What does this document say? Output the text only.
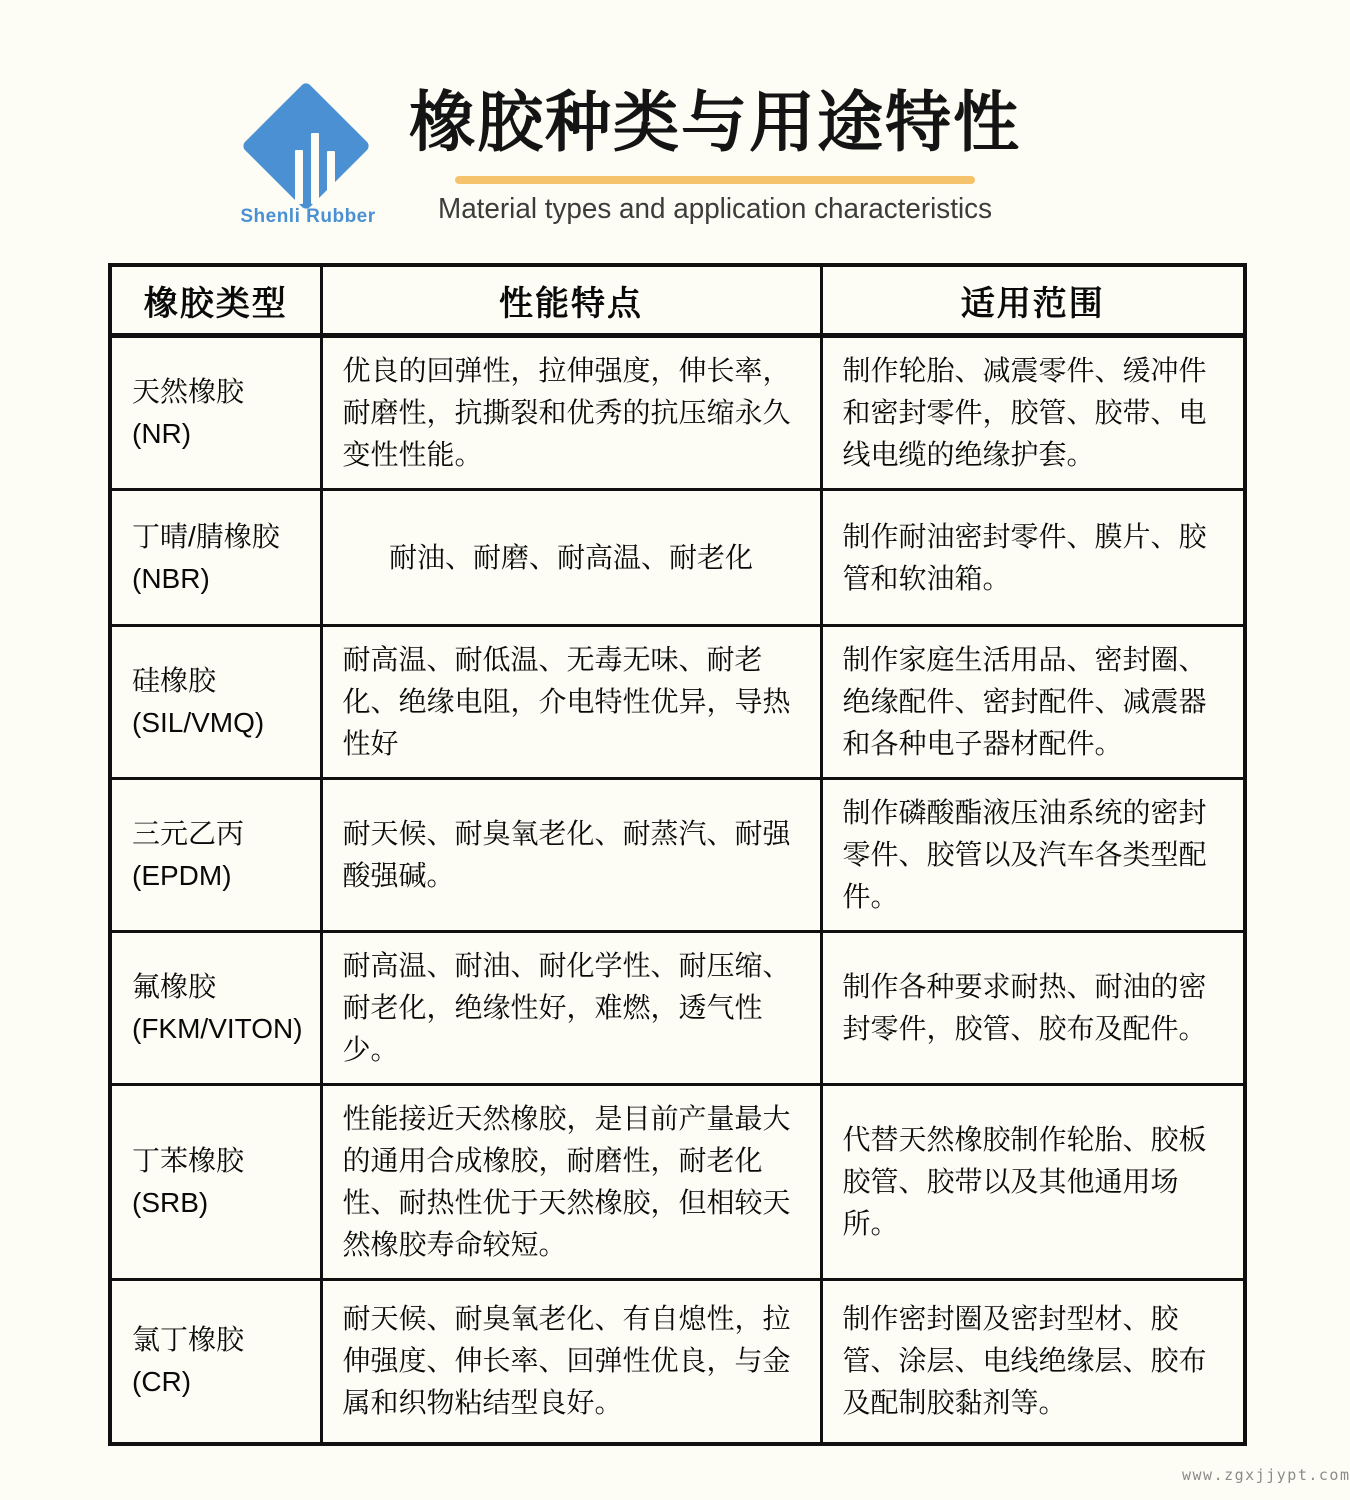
Shenli Rubber
橡胶种类与用途特性
Material types and application characteristics
橡胶类型	性能特点	适用范围

天然橡胶
(NR)	优良的回弹性，拉伸强度，伸长率，耐磨性，抗撕裂和优秀的抗压缩永久变性性能。	制作轮胎、减震零件、缓冲件和密封零件，胶管、胶带、电线电缆的绝缘护套。

丁晴/腈橡胶
(NBR)	耐油、耐磨、耐高温、耐老化	制作耐油密封零件、膜片、胶管和软油箱。

硅橡胶
(SIL/VMQ)	耐高温、耐低温、无毒无味、耐老化、绝缘电阻，介电特性优异，导热性好	制作家庭生活用品、密封圈、绝缘配件、密封配件、减震器和各种电子器材配件。

三元乙丙
(EPDM)	耐天候、耐臭氧老化、耐蒸汽、耐强酸强碱。	制作磷酸酯液压油系统的密封零件、胶管以及汽车各类型配件。

氟橡胶
(FKM/VITON)	耐高温、耐油、耐化学性、耐压缩、耐老化，绝缘性好，难燃，透气性少。	制作各种要求耐热、耐油的密封零件，胶管、胶布及配件。

丁苯橡胶
(SRB)	性能接近天然橡胶，是目前产量最大的通用合成橡胶，耐磨性，耐老化性、耐热性优于天然橡胶，但相较天然橡胶寿命较短。	代替天然橡胶制作轮胎、胶板胶管、胶带以及其他通用场所。

氯丁橡胶
(CR)	耐天候、耐臭氧老化、有自熄性，拉伸强度、伸长率、回弹性优良，与金属和织物粘结型良好。	制作密封圈及密封型材、胶管、涂层、电线绝缘层、胶布及配制胶黏剂等。
www.zgxjjypt.com
